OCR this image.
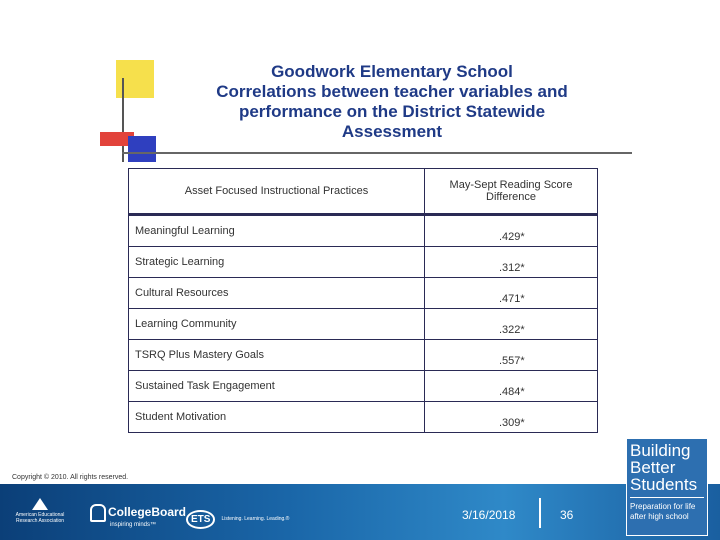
Goodwork Elementary School
Correlations between teacher variables and
performance on the District Statewide
Assessment
Asset Focused Instructional Practices	May-Sept Reading Score Difference
Meaningful Learning	.429*
Strategic Learning	.312*
Cultural Resources	.471*
Learning Community	.322*
TSRQ Plus Mastery Goals	.557*
Sustained Task Engagement	.484*
Student Motivation	.309*
Copyright © 2010. All rights reserved.
American Educational
Research Association
CollegeBoard
inspiring minds™	ETS Listening. Learning. Leading.®	3/16/2018	36
Building
Better
Students
Preparation for life
after high school
